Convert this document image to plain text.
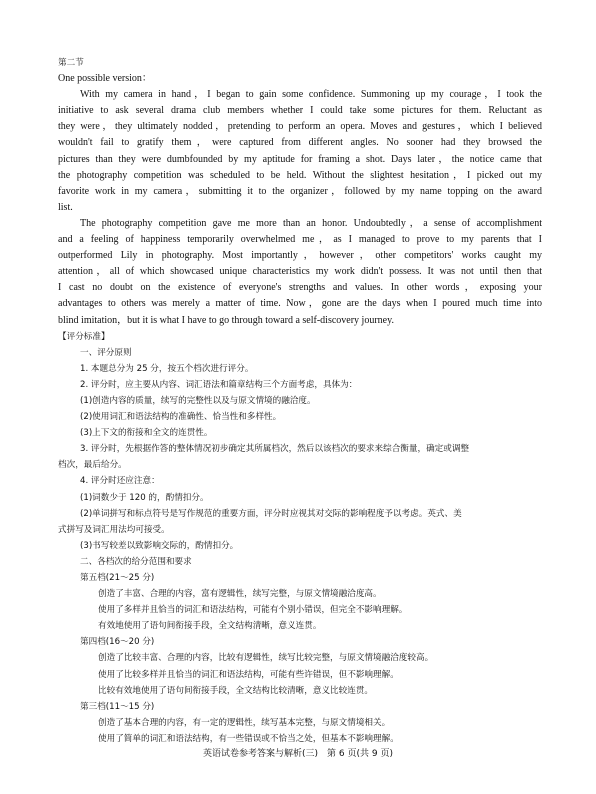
第二节
One possible version：
With my camera in hand，I began to gain some confidence. Summoning up my courage，I took the
initiative to ask several drama club members whether I could take some pictures for them. Reluctant as
they were，they ultimately nodded，pretending to perform an opera. Moves and gestures，which I believed
wouldn't fail to gratify them，were captured from different angles. No sooner had they browsed the
pictures than they were dumbfounded by my aptitude for framing a shot. Days later，the notice came that
the photography competition was scheduled to be held. Without the slightest hesitation，I picked out my
favorite work in my camera，submitting it to the organizer，followed by my name topping on the award
list.
The photography competition gave me more than an honor. Undoubtedly，a sense of accomplishment
and a feeling of happiness temporarily overwhelmed me，as I managed to prove to my parents that I
outperformed Lily in photography. Most importantly，however，other competitors' works caught my
attention，all of which showcased unique characteristics my work didn't possess. It was not until then that
I cast no doubt on the existence of everyone's strengths and values. In other words，exposing your
advantages to others was merely a matter of time. Now，gone are the days when I poured much time into
blind imitation，but it is what I have to go through toward a self-discovery journey.
【评分标准】
一、评分原则
1. 本题总分为 25 分，按五个档次进行评分。
2. 评分时，应主要从内容、词汇语法和篇章结构三个方面考虑，具体为：
(1)创造内容的质量，续写的完整性以及与原文情境的融洽度。
(2)使用词汇和语法结构的准确性、恰当性和多样性。
(3)上下文的衔接和全文的连贯性。
3. 评分时，先根据作答的整体情况初步确定其所属档次，然后以该档次的要求来综合衡量，确定或调整
档次，最后给分。
4. 评分时还应注意：
(1)词数少于 120 的，酌情扣分。
(2)单词拼写和标点符号是写作规范的重要方面，评分时应视其对交际的影响程度予以考虑。英式、美
式拼写及词汇用法均可接受。
(3)书写较差以致影响交际的，酌情扣分。
二、各档次的给分范围和要求
第五档(21～25 分)
创造了丰富、合理的内容，富有逻辑性，续写完整，与原文情境融洽度高。
使用了多样并且恰当的词汇和语法结构，可能有个别小错误，但完全不影响理解。
有效地使用了语句间衔接手段，全文结构清晰，意义连贯。
第四档(16～20 分)
创造了比较丰富、合理的内容，比较有逻辑性，续写比较完整，与原文情境融洽度较高。
使用了比较多样并且恰当的词汇和语法结构，可能有些许错误，但不影响理解。
比较有效地使用了语句间衔接手段，全文结构比较清晰，意义比较连贯。
第三档(11～15 分)
创造了基本合理的内容，有一定的逻辑性，续写基本完整，与原文情境相关。
使用了简单的词汇和语法结构，有一些错误或不恰当之处，但基本不影响理解。
英语试卷参考答案与解析(三)　第 6 页(共 9 页)
